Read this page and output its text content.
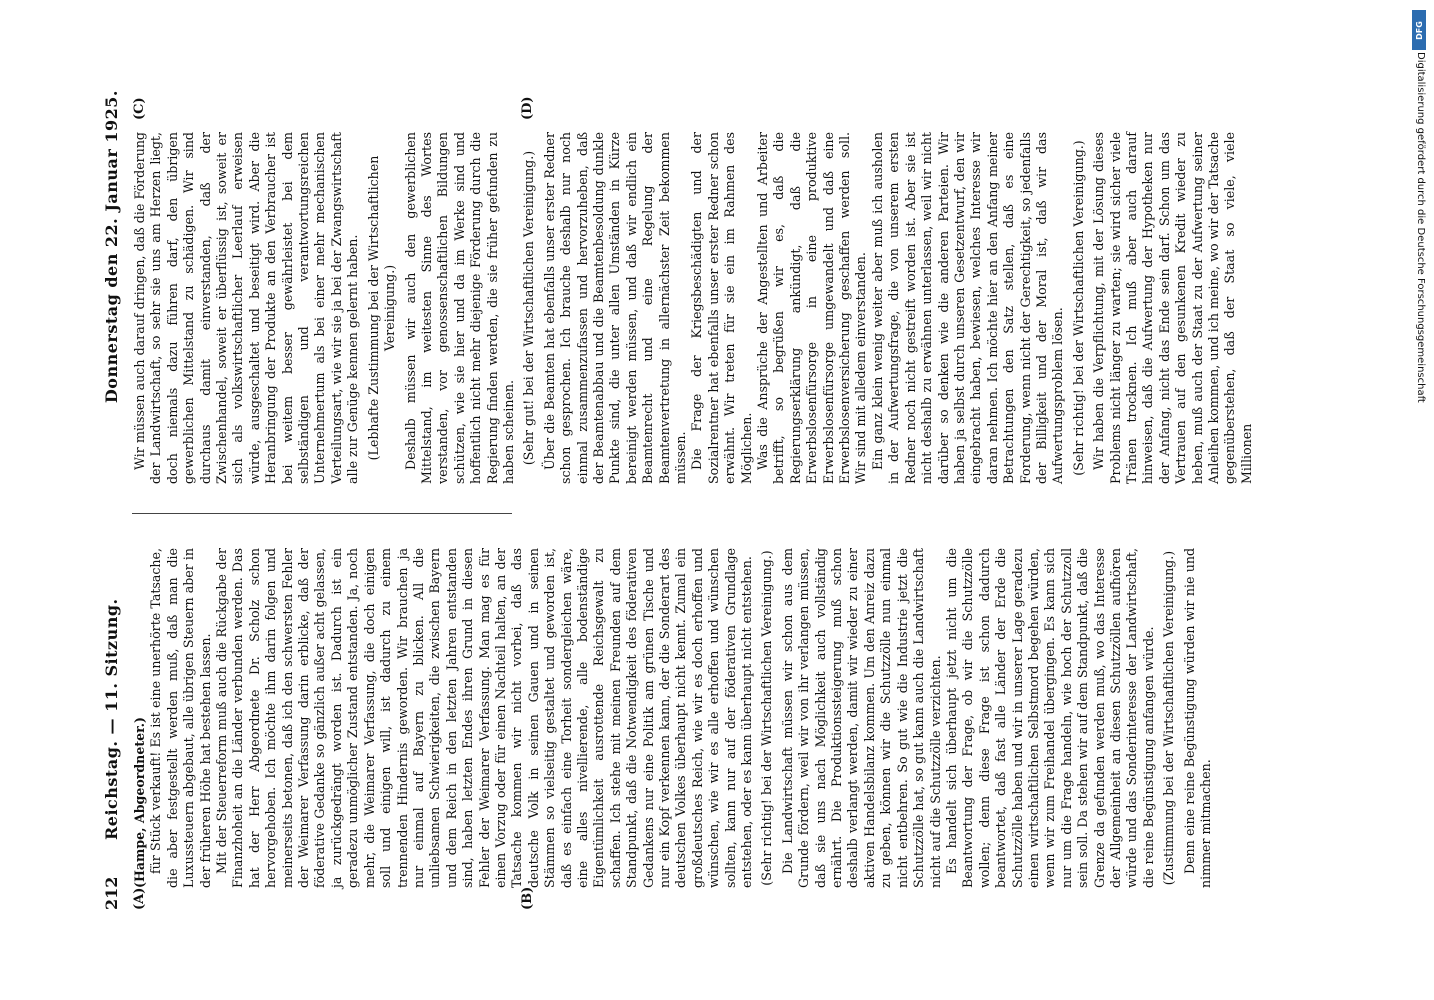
212
Reichstag. — 11. Sitzung.
Donnerstag den 22. Januar 1925.
(A)	(B)
(C)	(D)

(Hampe, Abgeordneter.) für Stück verkauft! Es ist eine unerhörte Tatsache, die aber festgestellt werden muß, daß man die Luxussteuern abgebaut, alle übrigen Steuern aber in der früheren Höhe hat bestehen lassen. Mit der Steuerreform muß auch die Rückgabe der Finanzhoheit an die Länder verbunden werden. Das hat der Herr Abgeordnete Dr. Scholz schon hervorgehoben. Ich möchte ihm darin folgen und meinerseits betonen, daß ich den schwersten Fehler der Weimarer Verfassung darin erblicke, daß der föderative Gedanke so gänzlich außer acht gelassen, ja zurückgedrängt worden ist. Dadurch ist ein geradezu unmöglicher Zustand entstanden. Ja, noch mehr, die Weimarer Verfassung, die doch einigen soll und einigen will, ist dadurch zu einem trennenden Hindernis geworden. Wir brauchen ja nur einmal auf Bayern zu blicken. All die unliebsamen Schwierigkeiten, die zwischen Bayern und dem Reich in den letzten Jahren entstanden sind, haben letzten Endes ihren Grund in diesen Fehler der Weimarer Verfassung. Man mag es für einen Vorzug oder für einen Nachteil halten, an der Tatsache kommen wir nicht vorbei, daß das deutsche Volk in seinen Gauen und in seinen Stämmen so vielseitig gestaltet und geworden ist, daß es einfach eine Torheit sondergleichen wäre, eine alles nivellierende, alle bodenständige Eigentümlichkeit ausrottende Reichsgewalt zu schaffen. Ich stehe mit meinen Freunden auf dem Standpunkt, daß die Notwendigkeit des föderativen Gedankens nur eine Politik am grünen Tische und nur ein Kopf verkennen kann, der die Sonderart des deutschen Volkes überhaupt nicht kennt. Zumal ein großdeutsches Reich, wie wir es doch erhoffen und wünschen, wie wir es alle erhoffen und wünschen sollten, kann nur auf der föderativen Grundlage entstehen, oder es kann überhaupt nicht entstehen. (Sehr richtig! bei der Wirtschaftlichen Vereinigung.) Die Landwirtschaft müssen wir schon aus dem Grunde fördern, weil wir von ihr verlangen müssen, daß sie uns nach Möglichkeit auch vollständig ernährt. Die Produktionssteigerung muß schon deshalb verlangt werden, damit wir wieder zu einer aktiven Handelsbilanz kommen. Um den Anreiz dazu zu geben, können wir die Schutzzölle nun einmal nicht entbehren. So gut wie die Industrie jetzt die Schutzzölle hat, so gut kann auch die Landwirtschaft nicht auf die Schutzzölle verzichten. Es handelt sich überhaupt jetzt nicht um die Beantwortung der Frage, ob wir die Schutzzölle wollen; denn diese Frage ist schon dadurch beantwortet, daß fast alle Länder der Erde die Schutzzölle haben und wir in unserer Lage geradezu einen wirtschaftlichen Selbstmord begehen würden, wenn wir zum Freihandel übergingen. Es kann sich nur um die Frage handeln, wie hoch der Schutzzoll sein soll. Da stehen wir auf dem Standpunkt, daß die Grenze da gefunden werden muß, wo das Interesse der Allgemeinheit an diesen Schutzzöllen aufhören würde und das Sonderinteresse der Landwirtschaft, die reine Begünstigung anfangen würde. (Zustimmung bei der Wirtschaftlichen Vereinigung.) Denn eine reine Begünstigung würden wir nie und nimmer mitmachen.

Wir müssen auch darauf dringen, daß die Förderung der Landwirtschaft, so sehr sie uns am Herzen liegt, doch niemals dazu führen darf, den übrigen gewerblichen Mittelstand zu schädigen. Wir sind durchaus damit einverstanden, daß der Zwischenhandel, soweit er überflüssig ist, soweit er sich als volkswirtschaftlicher Leerlauf erweisen würde, ausgeschaltet und beseitigt wird. Aber die Heranbringung der Produkte an den Verbraucher ist bei weitem besser gewährleistet bei dem selbständigen und verantwortungsreichen Unternehmertum als bei einer mehr mechanischen Verteilungsart, wie wir sie ja bei der Zwangswirtschaft alle zur Genüge kennen gelernt haben. (Lebhafte Zustimmung bei der Wirtschaftlichen Vereinigung.) Deshalb müssen wir auch den gewerblichen Mittelstand, im weitesten Sinne des Wortes verstanden, vor genossenschaftlichen Bildungen schützen, wie sie hier und da im Werke sind und hoffentlich nicht mehr diejenige Förderung durch die Regierung finden werden, die sie früher gefunden zu haben scheinen. (Sehr gut! bei der Wirtschaftlichen Vereinigung.) Über die Beamten hat ebenfalls unser erster Redner schon gesprochen. Ich brauche deshalb nur noch einmal zusammenzufassen und hervorzuheben, daß der Beamtenabbau und die Beamtenbesoldung dunkle Punkte sind, die unter allen Umständen in Kürze bereinigt werden müssen, und daß wir endlich ein Beamtenrecht und eine Regelung der Beamtenvertretung in allernächster Zeit bekommen müssen. Die Frage der Kriegsbeschädigten und der Sozialrentner hat ebenfalls unser erster Redner schon erwähnt. Wir treten für sie ein im Rahmen des Möglichen. Was die Ansprüche der Angestellten und Arbeiter betrifft, so begrüßen wir es, daß die Regierungserklärung ankündigt, daß die Erwerbslosenfürsorge in eine produktive Erwerbslosenfürsorge umgewandelt und daß eine Erwerbslosenversicherung geschaffen werden soll. Wir sind mit alledem einverstanden. Ein ganz klein wenig weiter aber muß ich ausholen in der Aufwertungsfrage, die von unserem ersten Redner noch nicht gestreift worden ist. Aber sie ist nicht deshalb zu erwähnen unterlassen, weil wir nicht darüber so denken wie die anderen Parteien. Wir haben ja selbst durch unseren Gesetzentwurf, den wir eingebracht haben, bewiesen, welches Interesse wir daran nehmen. Ich möchte hier an den Anfang meiner Betrachtungen den Satz stellen, daß es eine Forderung, wenn nicht der Gerechtigkeit, so jedenfalls der Billigkeit und der Moral ist, daß wir das Aufwertungsproblem lösen. (Sehr richtig! bei der Wirtschaftlichen Vereinigung.) Wir haben die Verpflichtung, mit der Lösung dieses Problems nicht länger zu warten; sie wird sicher viele Tränen trocknen. Ich muß aber auch darauf hinweisen, daß die Aufwertung der Hypotheken nur der Anfang, nicht das Ende sein darf. Schon um das Vertrauen auf den gesunkenen Kredit wieder zu heben, muß auch der Staat zu der Aufwertung seiner Anleihen kommen, und ich meine, wo wir der Tatsache gegenüberstehen, daß der Staat so viele, viele Millionen

DFG
Digitalisierung gefördert durch die Deutsche Forschungsgemeinschaft
